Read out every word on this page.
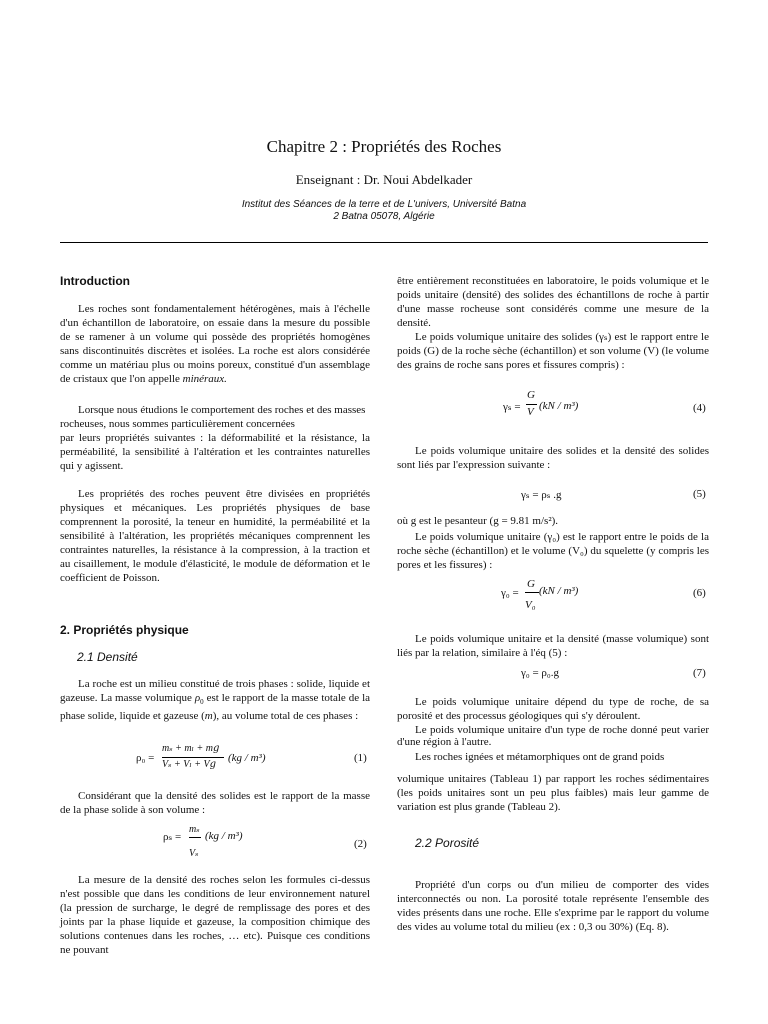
Chapitre 2 : Propriétés des Roches
Enseignant : Dr. Noui Abdelkader
Institut des Séances de la terre et de L'univers, Université Batna
2 Batna 05078, Algérie
Introduction

Les roches sont fondamentalement hétérogènes, mais à l'échelle d'un échantillon de laboratoire, on essaie dans la mesure du possible de se ramener à un volume qui possède des propriétés homogènes sans discontinuités discrètes et isolées. La roche est alors considérée comme un matériau plus ou moins poreux, constitué d'un assemblage de cristaux que l'on appelle minéraux.

Lorsque nous étudions le comportement des roches et des masses rocheuses, nous sommes particulièrement concernées

par leurs propriétés suivantes : la déformabilité et la résistance, la perméabilité, la sensibilité à l'altération et les contraintes naturelles qui y agissent.

Les propriétés des roches peuvent être divisées en propriétés physiques et mécaniques. Les propriétés physiques de base comprennent la porosité, la teneur en humidité, la perméabilité et la sensibilité à l'altération, les propriétés mécaniques comprennent les contraintes naturelles, la résistance à la compression, à la traction et au cisaillement, le module d'élasticité, le module de déformation et le coefficient de Poisson.

2. Propriétés physique
2.1 Densité

La roche est un milieu constitué de trois phases : solide, liquide et gazeuse. La masse volumique $\rho_0$ est le rapport de la masse totale de la phase solide, liquide et gazeuse (m), au volume total de ces phases :

ρ₀ =
mₛ + mₗ + m𝑔
Vₛ + Vₗ + V𝑔
(kg / m³)	(1)

Considérant que la densité des solides est le rapport de la masse de la phase solide à son volume :

ρₛ =
mₛ
Vₛ
(kg / m³)
(2)

La mesure de la densité des roches selon les formules ci-dessus n'est possible que dans les conditions de leur environnement naturel (la pression de surcharge, le degré de remplissage des pores et des joints par la phase liquide et gazeuse, la composition chimique des solutions contenues dans les roches, … etc). Puisque ces conditions ne pouvant

être entièrement reconstituées en laboratoire, le poids volumique et le poids unitaire (densité) des solides des échantillons de roche à partir d'une masse rocheuse sont considérés comme une mesure de la densité.

Le poids volumique unitaire des solides (γₛ) est le rapport entre le poids (G) de la roche sèche (échantillon) et son volume (V) (le volume des grains de roche sans pores et fissures compris) :

γₛ =
G
V (kN / m³)	(4)

Le poids volumique unitaire des solides et la densité des solides sont liés par l'expression suivante :

γₛ = ρₛ .g	(5)

où g est le pesanteur (g = 9.81 m/s²).

Le poids volumique unitaire (γ₀) est le rapport entre le poids de la roche sèche (échantillon) et le volume (V₀) du squelette (y compris les pores et les fissures) :

γ₀ =
G
V₀
(kN / m³)	(6)

Le poids volumique unitaire et la densité (masse volumique) sont liés par la relation, similaire à l'éq (5) :

γ₀ = ρ₀.g	(7)

Le poids volumique unitaire dépend du type de roche, de sa porosité et des processus géologiques qui s'y déroulent.

Le poids volumique unitaire d'un type de roche donné peut varier d'une région à l'autre.

Les roches ignées et métamorphiques ont de grand poids

volumique unitaires (Tableau 1) par rapport les roches sédimentaires (les poids unitaires sont un peu plus faibles) mais leur gamme de variation est plus grande (Tableau 2).

2.2 Porosité

Propriété d'un corps ou d'un milieu de comporter des vides interconnectés ou non. La porosité totale représente l'ensemble des vides présents dans une roche. Elle s'exprime par le rapport du volume des vides au volume total du milieu (ex : 0,3 ou 30%) (Eq. 8).
